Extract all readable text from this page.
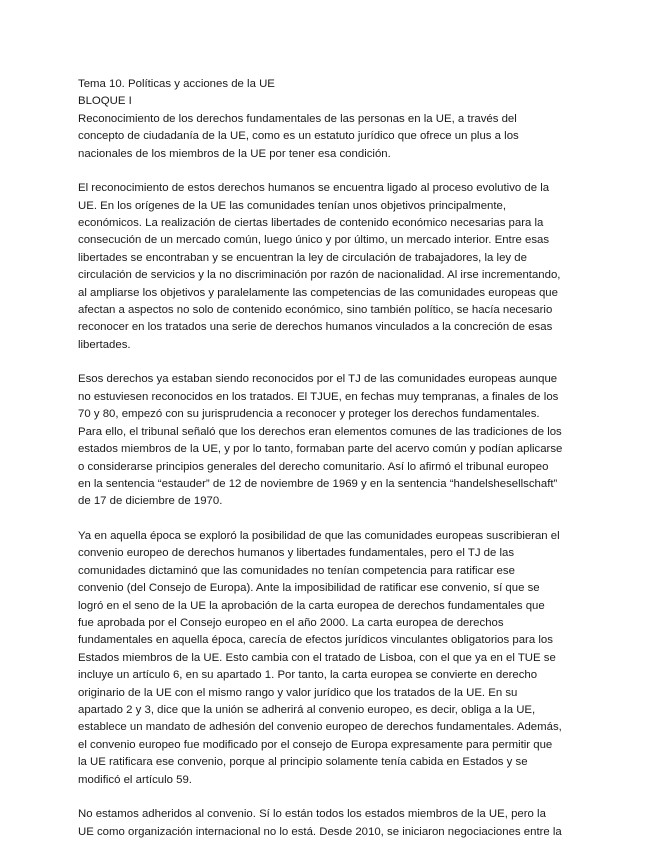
Tema 10. Políticas y acciones de la UE

BLOQUE I

Reconocimiento de los derechos fundamentales de las personas en la UE, a través del

concepto de ciudadanía de la UE, como es un estatuto jurídico que ofrece un plus a los

nacionales de los miembros de la UE por tener esa condición.

El reconocimiento de estos derechos humanos se encuentra ligado al proceso evolutivo de la

UE. En los orígenes de la UE las comunidades tenían unos objetivos principalmente,

económicos. La realización de ciertas libertades de contenido económico necesarias para la

consecución de un mercado común, luego único y por último, un mercado interior. Entre esas

libertades se encontraban y se encuentran la ley de circulación de trabajadores, la ley de

circulación de servicios y la no discriminación por razón de nacionalidad. Al irse incrementando,

al ampliarse los objetivos y paralelamente las competencias de las comunidades europeas que

afectan a aspectos no solo de contenido económico, sino también político, se hacía necesario

reconocer en los tratados una serie de derechos humanos vinculados a la concreción de esas

libertades.

Esos derechos ya estaban siendo reconocidos por el TJ de las comunidades europeas aunque

no estuviesen reconocidos en los tratados. El TJUE, en fechas muy tempranas, a finales de los

70 y 80, empezó con su jurisprudencia a reconocer y proteger los derechos fundamentales.

Para ello, el tribunal señaló que los derechos eran elementos comunes de las tradiciones de los

estados miembros de la UE, y por lo tanto, formaban parte del acervo común y podían aplicarse

o considerarse principios generales del derecho comunitario. Así lo afirmó el tribunal europeo

en la sentencia “estauder” de 12 de noviembre de 1969 y en la sentencia “handelshesellschaft”

de 17 de diciembre de 1970.

Ya en aquella época se exploró la posibilidad de que las comunidades europeas suscribieran el

convenio europeo de derechos humanos y libertades fundamentales, pero el TJ de las

comunidades dictaminó que las comunidades no tenían competencia para ratificar ese

convenio (del Consejo de Europa). Ante la imposibilidad de ratificar ese convenio, sí que se

logró en el seno de la UE la aprobación de la carta europea de derechos fundamentales que

fue aprobada por el Consejo europeo en el año 2000. La carta europea de derechos

fundamentales en aquella época, carecía de efectos jurídicos vinculantes obligatorios para los

Estados miembros de la UE. Esto cambia con el tratado de Lisboa, con el que ya en el TUE se

incluye un artículo 6, en su apartado 1. Por tanto, la carta europea se convierte en derecho

originario de la UE con el mismo rango y valor jurídico que los tratados de la UE. En su

apartado 2 y 3, dice que la unión se adherirá al convenio europeo, es decir, obliga a la UE,

establece un mandato de adhesión del convenio europeo de derechos fundamentales. Además,

el convenio europeo fue modificado por el consejo de Europa expresamente para permitir que

la UE ratificara ese convenio, porque al principio solamente tenía cabida en Estados y se

modificó el artículo 59.

No estamos adheridos al convenio. Sí lo están todos los estados miembros de la UE, pero la

UE como organización internacional no lo está. Desde 2010, se iniciaron negociaciones entre la
